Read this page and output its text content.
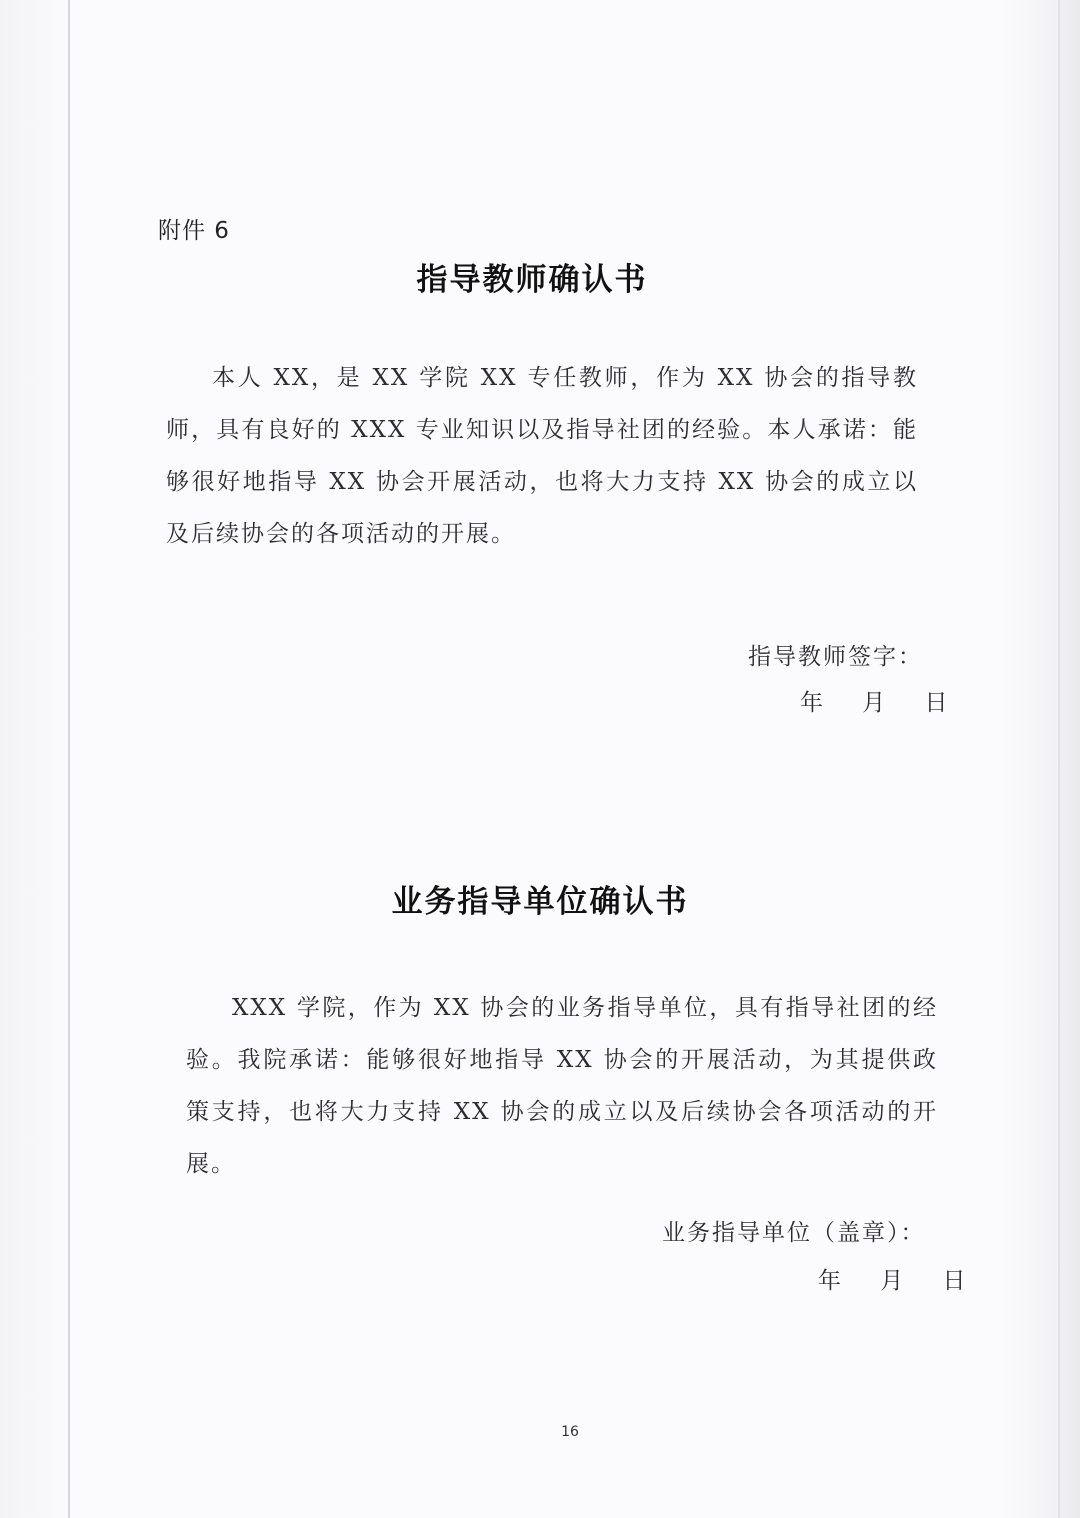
附件 6

指导教师确认书

本人 XX，是 XX 学院 XX 专任教师，作为 XX 协会的指导教师，具有良好的 XXX 专业知识以及指导社团的经验。本人承诺：能够很好地指导 XX 协会开展活动，也将大力支持 XX 协会的成立以及后续协会的各项活动的开展。

指导教师签字：

年    月    日

业务指导单位确认书

XXX 学院，作为 XX 协会的业务指导单位，具有指导社团的经验。我院承诺：能够很好地指导 XX 协会的开展活动，为其提供政策支持，也将大力支持 XX 协会的成立以及后续协会各项活动的开展。

业务指导单位（盖章）：

年    月    日

16
